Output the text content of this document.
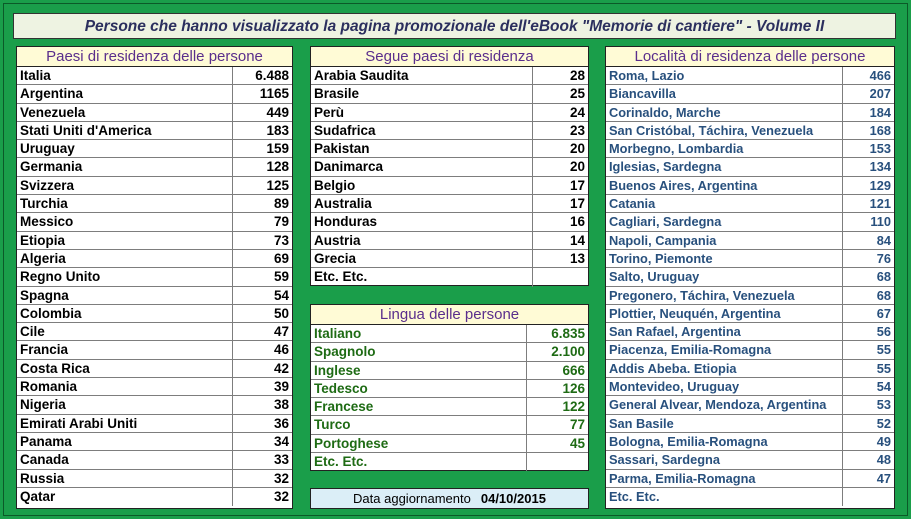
Persone che hanno visualizzato la pagina promozionale dell'eBook "Memorie di cantiere" - Volume II
Paesi di residenza delle persone
Italia	6.488
Argentina	1165
Venezuela	449
Stati Uniti d'America	183
Uruguay	159
Germania	128
Svizzera	125
Turchia	89
Messico	79
Etiopia	73
Algeria	69
Regno Unito	59
Spagna	54
Colombia	50
Cile	47
Francia	46
Costa Rica	42
Romania	39
Nigeria	38
Emirati Arabi Uniti	36
Panama	34
Canada	33
Russia	32
Qatar	32
Segue paesi di residenza
Arabia Saudita	28
Brasile	25
Perù	24
Sudafrica	23
Pakistan	20
Danimarca	20
Belgio	17
Australia	17
Honduras	16
Austria	14
Grecia	13
Etc. Etc.
Lingua delle persone
Italiano	6.835
Spagnolo	2.100
Inglese	666
Tedesco	126
Francese	122
Turco	77
Portoghese	45
Etc. Etc.
Data aggiornamento 04/10/2015
Località di residenza delle persone
Roma, Lazio	466
Biancavilla	207
Corinaldo, Marche	184
San Cristóbal, Táchira, Venezuela	168
Morbegno, Lombardia	153
Iglesias, Sardegna	134
Buenos Aires, Argentina	129
Catania	121
Cagliari, Sardegna	110
Napoli, Campania	84
Torino, Piemonte	76
Salto, Uruguay	68
Pregonero, Táchira, Venezuela	68
Plottier, Neuquén, Argentina	67
San Rafael, Argentina	56
Piacenza, Emilia-Romagna	55
Addis Abeba. Etiopia	55
Montevideo, Uruguay	54
General Alvear, Mendoza, Argentina	53
San Basile	52
Bologna, Emilia-Romagna	49
Sassari, Sardegna	48
Parma, Emilia-Romagna	47
Etc. Etc.
